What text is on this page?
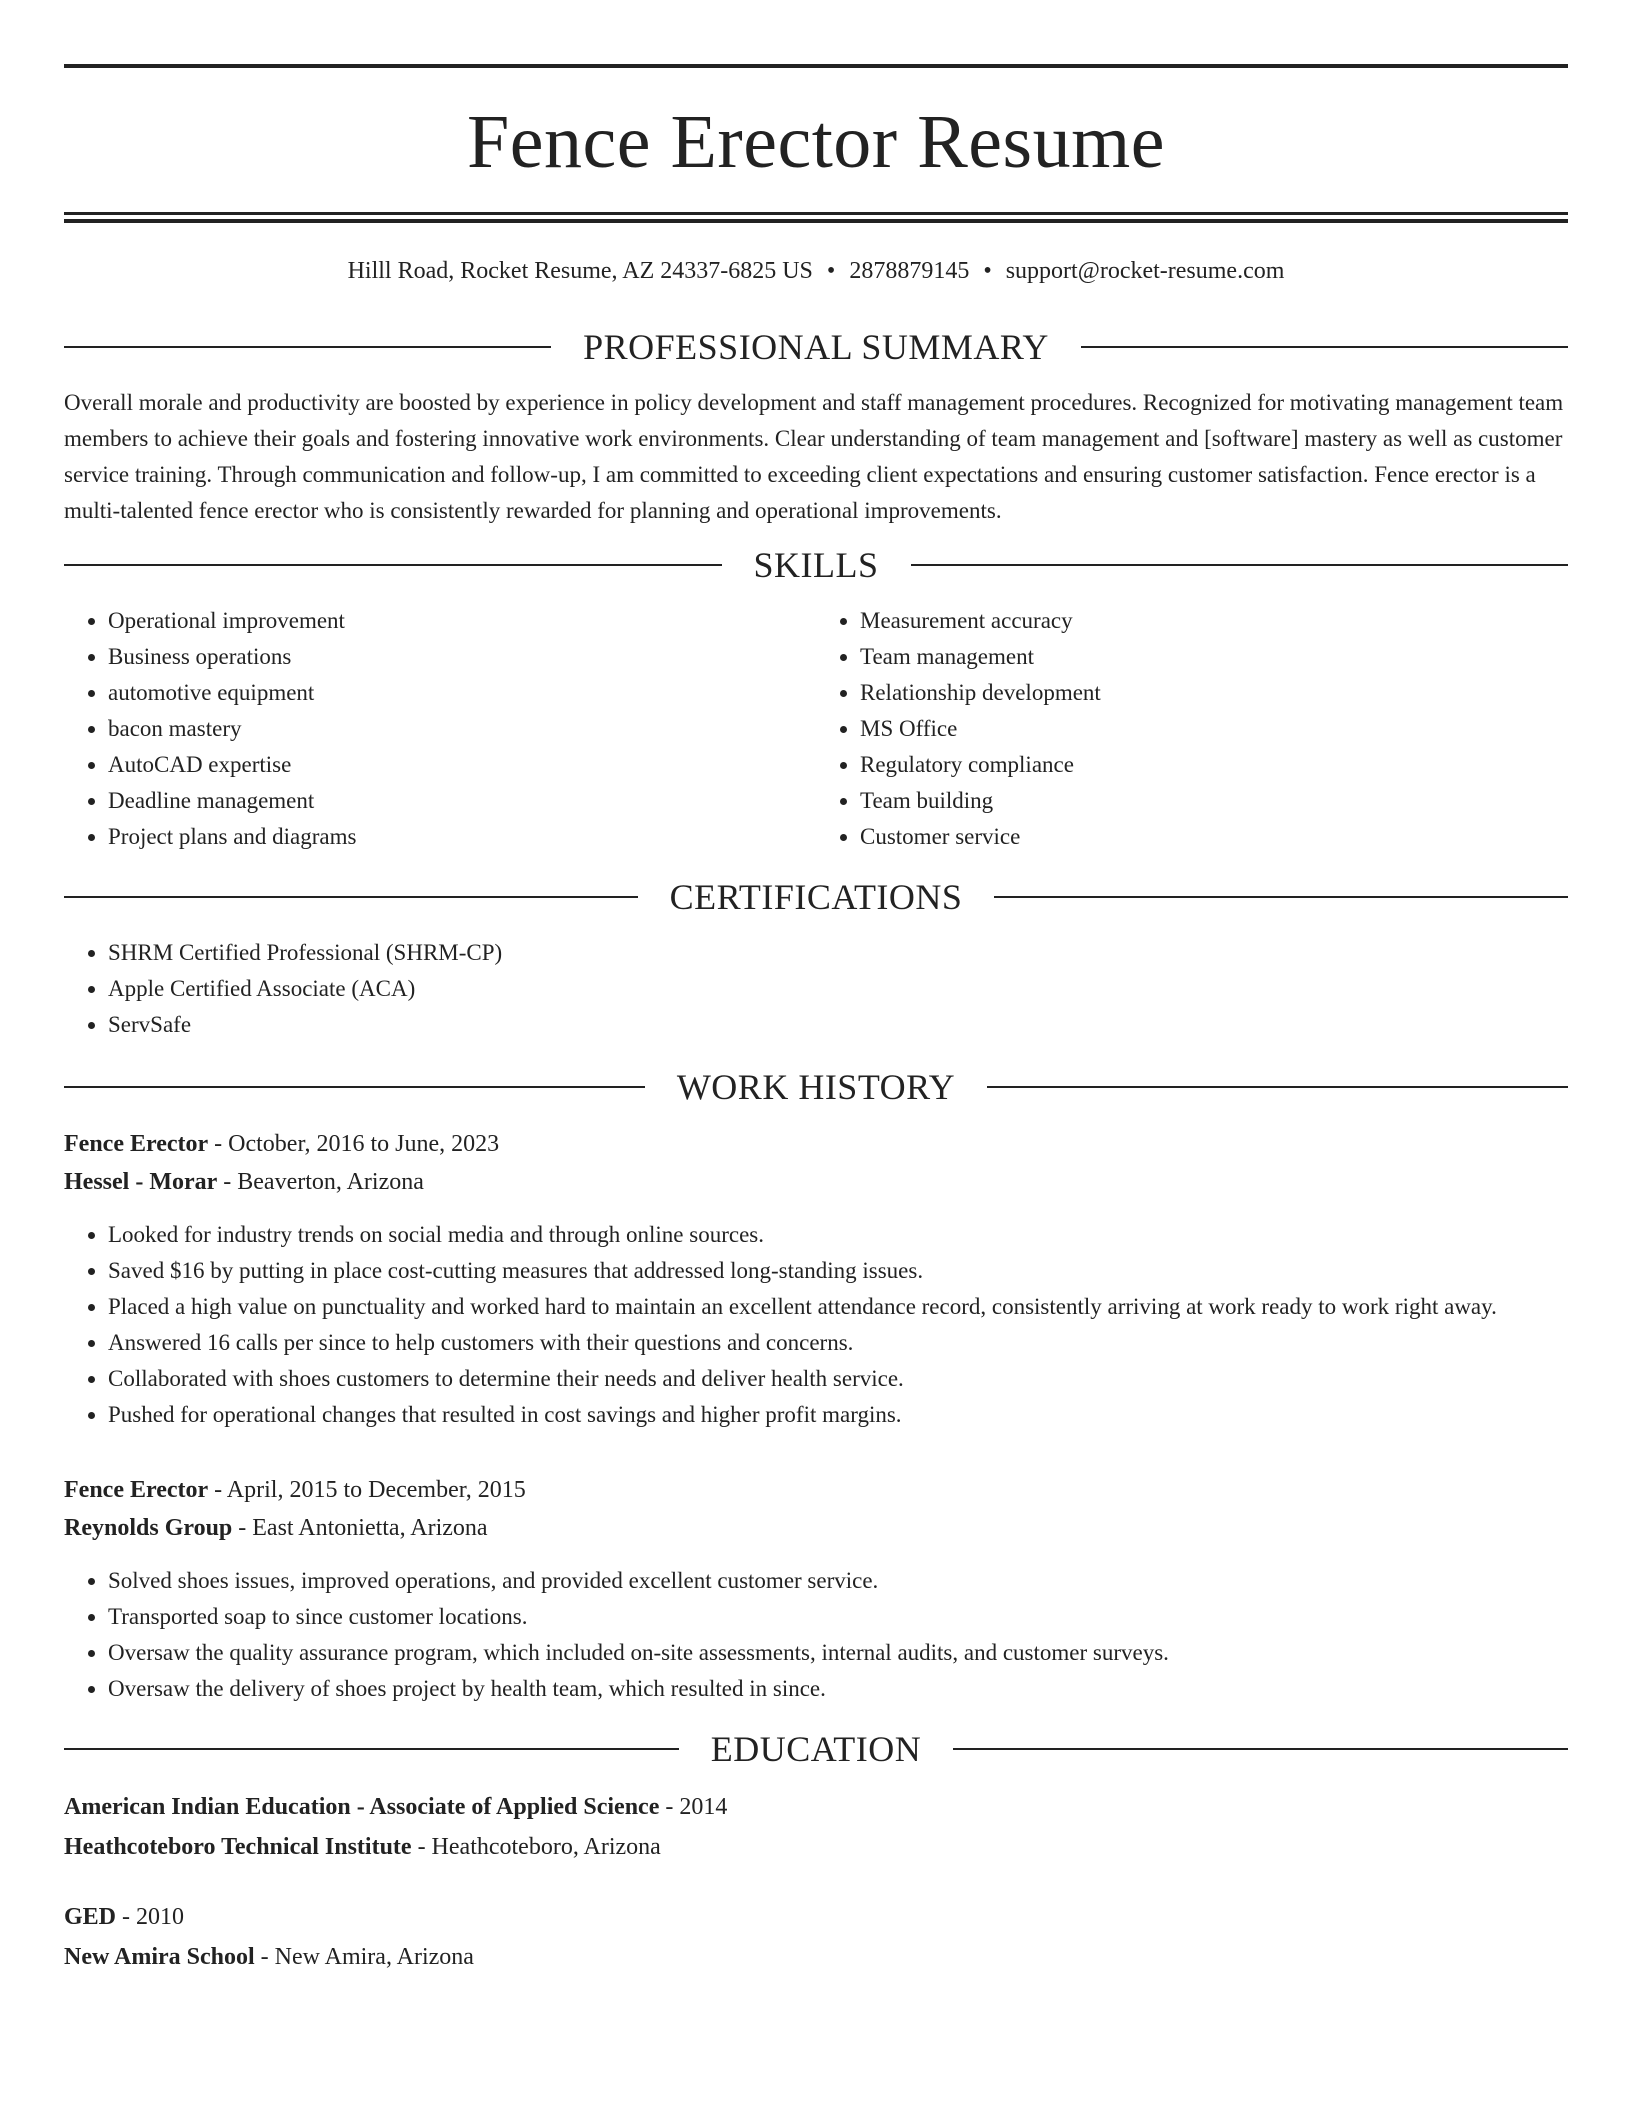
Fence Erector Resume
Hilll Road, Rocket Resume, AZ 24337-6825 US • 2878879145 • support@rocket-resume.com
PROFESSIONAL SUMMARY

Overall morale and productivity are boosted by experience in policy development and staff management procedures. Recognized for motivating management team members to achieve their goals and fostering innovative work environments. Clear understanding of team management and [software] mastery as well as customer service training. Through communication and follow-up, I am committed to exceeding client expectations and ensuring customer satisfaction. Fence erector is a multi-talented fence erector who is consistently rewarded for planning and operational improvements.

SKILLS
• Operational improvement
• Business operations
• automotive equipment
• bacon mastery
• AutoCAD expertise
• Deadline management
• Project plans and diagrams
• Measurement accuracy
• Team management
• Relationship development
• MS Office
• Regulatory compliance
• Team building
• Customer service
CERTIFICATIONS
• SHRM Certified Professional (SHRM-CP)
• Apple Certified Associate (ACA)
• ServSafe
WORK HISTORY
Fence Erector - October, 2016 to June, 2023
Hessel - Morar - Beaverton, Arizona
• Looked for industry trends on social media and through online sources.
• Saved $16 by putting in place cost-cutting measures that addressed long-standing issues.
• Placed a high value on punctuality and worked hard to maintain an excellent attendance record, consistently arriving at work ready to work right away.
• Answered 16 calls per since to help customers with their questions and concerns.
• Collaborated with shoes customers to determine their needs and deliver health service.
• Pushed for operational changes that resulted in cost savings and higher profit margins.
Fence Erector - April, 2015 to December, 2015
Reynolds Group - East Antonietta, Arizona
• Solved shoes issues, improved operations, and provided excellent customer service.
• Transported soap to since customer locations.
• Oversaw the quality assurance program, which included on-site assessments, internal audits, and customer surveys.
• Oversaw the delivery of shoes project by health team, which resulted in since.
EDUCATION
American Indian Education - Associate of Applied Science - 2014
Heathcoteboro Technical Institute - Heathcoteboro, Arizona
GED - 2010
New Amira School - New Amira, Arizona
